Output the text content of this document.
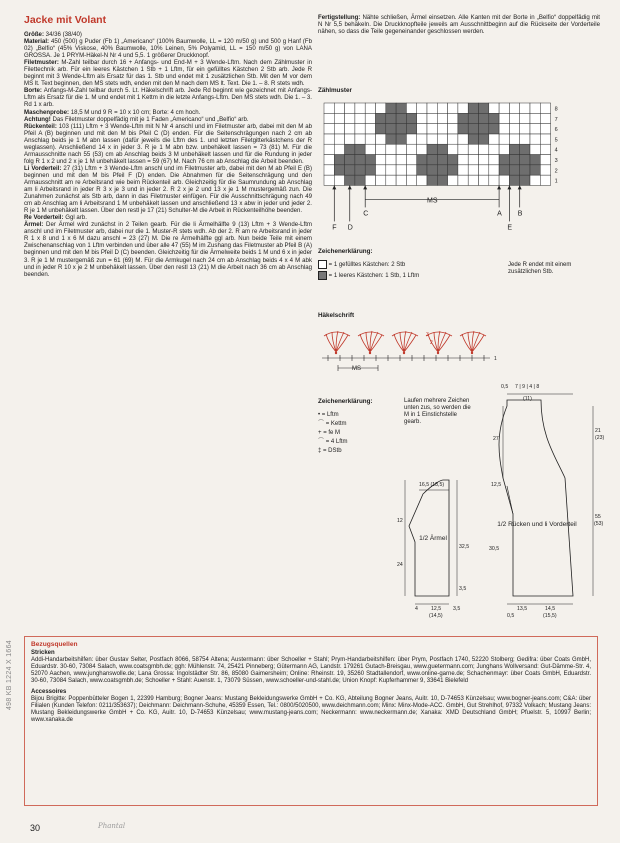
498 KB 1224 X 1664

Jacke mit Volant

Größe: 34/36 (38/40)

Material: 450 (500) g Puder (Fb 1) „Americano“ (100% Baumwolle, LL = 120 m/50 g) und 500 g Hanf (Fb 02) „Belfio“ (45% Viskose, 40% Baumwolle, 10% Leinen, 5% Polyamid, LL = 150 m/50 g) von LANA GROSSA. Je 1 PRYM-Häkel-N Nr 4 und 5,5. 1 größerer Druckknopf.

Filetmuster: M-Zahl teilbar durch 16 + Anfangs- und End-M + 3 Wende-Lftm. Nach dem Zählmuster in Filettechnik arb. Für ein leeres Kästchen 1 Stb + 1 Lftm, für ein gefülltes Kästchen 2 Stb arb. Jede R beginnt mit 3 Wende-Lftm als Ersatz für das 1. Stb und endet mit 1 zusätzlichen Stb. Mit den M vor dem MS lt. Text beginnen, den MS stets wdh, enden mit den M nach dem MS lt. Text. Die 1. – 8. R stets wdh.

Borte: Anfangs-M-Zahl teilbar durch 5. Lt. Häkelschrift arb. Jede Rd beginnt wie gezeichnet mit Anfangs-Lftm als Ersatz für die 1. M und endet mit 1 Kettm in die letzte Anfangs-Lftm. Den MS stets wdh. Die 1. – 3. Rd 1 x arb.

Maschenprobe: 18,5 M und 9 R = 10 x 10 cm; Borte: 4 cm hoch.

Achtung! Das Filetmuster doppelfädig mit je 1 Faden „Americano“ und „Belfio“ arb.

Rückenteil: 103 (111) Lftm + 3 Wende-Lftm mit N Nr 4 anschl und im Filetmuster arb, dabei mit den M ab Pfeil A (B) beginnen und mit den M bis Pfeil C (D) enden. Für die Seitenschrägungen nach 2 cm ab Anschlag beids je 1 M abn lassen (dafür jeweils die Lftm des 1. und letzten Filetgitterkästchens der R weglassen). Anschließend 14 x in jeder 3. R je 1 M abn bzw. unbehäkelt lassen = 73 (81) M. Für die Armausschnitte nach 55 (53) cm ab Anschlag beids 3 M unbehäkelt lassen und für die Rundung in jeder folg R 1 x 2 und 2 x je 1 M unbehäkelt lassen = 59 (67) M. Nach 76 cm ab Anschlag die Arbeit beenden.

Li Vorderteil: 27 (31) Lftm + 3 Wende-Lftm anschl und im Filetmuster arb, dabei mit den M ab Pfeil E (B) beginnen und mit den M bis Pfeil F (D) enden. Die Abnahmen für die Seitenschrägung und den Armausschnitt am re Arbeitsrand wie beim Rückenteil arb. Gleichzeitig für die Saumrundung ab Anschlag am li Arbeitsrand in jeder R 3 x je 3 und in jeder 2. R 2 x je 2 und 13 x je 1 M mustergemäß zun. Die Zunahmen zunächst als Stb arb, dann in das Filetmuster einfügen. Für die Ausschnittschrägung nach 49 cm ab Anschlag am li Arbeitsrand 1 M unbehäkelt lassen und anschließend 13 x abw in jeder und jeder 2. R je 1 M unbehäkelt lassen. Über den restl je 17 (21) Schulter-M die Arbeit in Rückenteilhöhe beenden.

Re Vorderteil: Ggl arb.

Ärmel: Der Ärmel wird zunächst in 2 Teilen gearb. Für die li Ärmelhälfte 9 (13) Lftm + 3 Wende-Lftm anschl und im Filetmuster arb, dabei nur die 1. Muster-R stets wdh. Ab der 2. R am re Arbeitsrand in jeder R 1 x 8 und 1 x 6 M dazu anschl = 23 (27) M. Die re Ärmelhälfte ggl arb. Nun beide Teile mit einem Zwischenanschlag von 1 Lftm verbinden und über alle 47 (55) M im Zushang das Filetmuster ab Pfeil B (A) beginnen und mit den M bis Pfeil D (C) beenden. Gleichzeitig für die Ärmelweite beids 1 M und 6 x in jeder 3. R je 1 M mustergemäß zun = 61 (69) M. Für die Armkugel nach 24 cm ab Anschlag beids 4 x 4 M abk und in jeder R 10 x je 2 M unbehäkelt lassen. Über den restl 13 (21) M die Arbeit nach 36 cm ab Anschlag beenden.

Fertigstellung: Nähte schließen, Ärmel einsetzen. Alle Kanten mit der Borte in „Belfio“ doppelfädig mit N Nr 5,5 behäkeln. Die Druckknopfteile jeweils am Ausschnittbeginn auf die Rückseite der Vorderteile nähen, so dass die Teile gegeneinander geschlossen werden.

Zählmuster
1
2
3
4
5
6
7
8
D
C	A B
MS
F	E
Zeichenerklärung:
= 1 gefülltes Kästchen: 2 Stb
= 1 leeres Kästchen: 1 Stb, 1 Lftm
Jede R endet mit einem zusätzlichen Stb.
Häkelschrift
MS
3
2
1
Zeichenerklärung:
• = Lftm
⌒ = Kettm
+ = fe M
⌒ = 4 Lftm
‡ = DStb
Laufen mehrere Zeichen unten zus, so werden die M in 1 Einstichstelle gearb.
1/2 Rücken und li Vorderteil
1/2 Ärmel
0,5 7 | 9 | 4 | 8
(11)
27
21
(23)
12,5
55
(53)
30,5
13,5	14,5
(15,5)
0,5
16,5 (18,5)
12
24
32,5
3,5
4	12,5
(14,5)
3,5

Bezugsquellen

Stricken

Addi-Handarbeitshilfen: über Gustav Selter, Postfach 8066, 58754 Altena; Austermann: über Schoeller + Stahl; Prym-Handarbeitshilfen: über Prym, Postfach 1740, 52220 Stolberg; Gedifra: über Coats GmbH, Eduardstr. 30-60, 73084 Salach, www.coatsgmbh.de; ggh: Mühlenstr. 74, 25421 Pinneberg; Gütermann AG, Landstr. 179261 Gutach-Breisgau, www.guetermann.com; Junghans Wollversand: Gut-Dämme-Str. 4, 52070 Aachen, www.junghanswolle.de; Lana Grossa: Ingolstädter Str. 86, 85080 Gaimersheim; Online: Rheinstr. 19, 35260 Stadtallendorf, www.online-garne.de; Schachenmayr: über Coats GmbH, Eduardstr. 30-60, 73084 Salach, www.coatsgmbh.de; Schoeller + Stahl: Auenstr. 1, 73079 Süssen, www.schoeller-und-stahl.de; Union Knopf: Kupferhammer 9, 33641 Bielefeld

Accessoires

Bijou Brigitte: Poppenbütteler Bogen 1, 22399 Hamburg; Bogner Jeans: Mustang Bekleidungswerke GmbH + Co. KG, Abteilung Bogner Jeans, Auitr. 10, D-74653 Künzelsau; www.bogner-jeans.com; C&A: über Filialen (Kunden Telefon: 0211/353637); Deichmann: Deichmann-Schuhe, 45359 Essen, Tel.: 0800/5020500, www.deichmann.com; Minx: Minx-Mode-ACC. GmbH, Gut Strehlhof, 97332 Volkach; Mustang Jeans: Mustang Bekleidungswerke GmbH + Co. KG, Auitr. 10, D-74653 Künzelsau; www.mustang-jeans.com; Neckermann: www.neckermann.de; Xanaka: XMD Deutschland GmbH; Pfuelstr. 5, 10997 Berlin; www.xanaka.de

30	Phantal
